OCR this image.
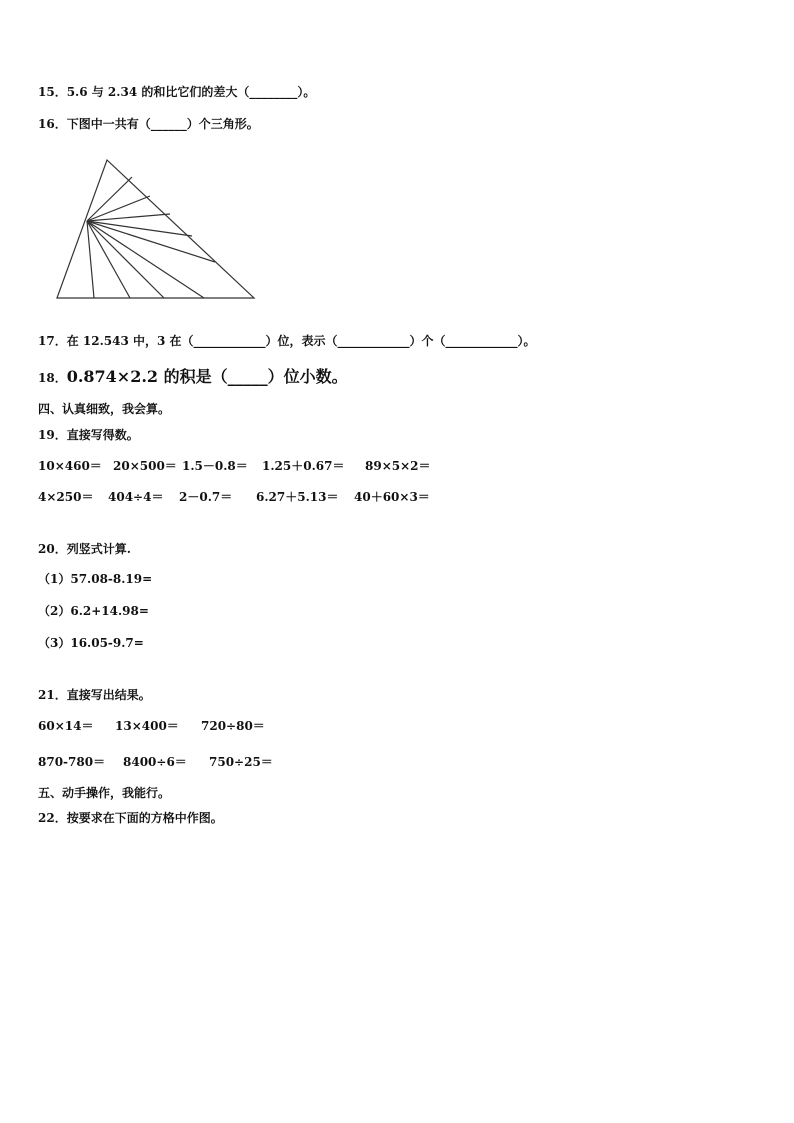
15．5.6 与 2.34 的和比它们的差大（________）。
16．下图中一共有（______）个三角形。
17．在 12.543 中，3 在（____________）位，表示（____________）个（____________）。
18．0.874×2.2 的积是（_____）位小数。
四、认真细致，我会算。
19．直接写得数。
10×460＝ 20×500＝ 1.5－0.8＝ 1.25＋0.67＝ 89×5×2＝
4×250＝ 404÷4＝ 2－0.7＝ 6.27＋5.13＝ 40＋60×3＝
20．列竖式计算.
（1）57.08-8.19=
（2）6.2+14.98=
（3）16.05-9.7=
21．直接写出结果。
60×14＝ 13×400＝ 720÷80＝
870-780＝ 8400÷6＝ 750÷25＝
五、动手操作，我能行。
22．按要求在下面的方格中作图。
